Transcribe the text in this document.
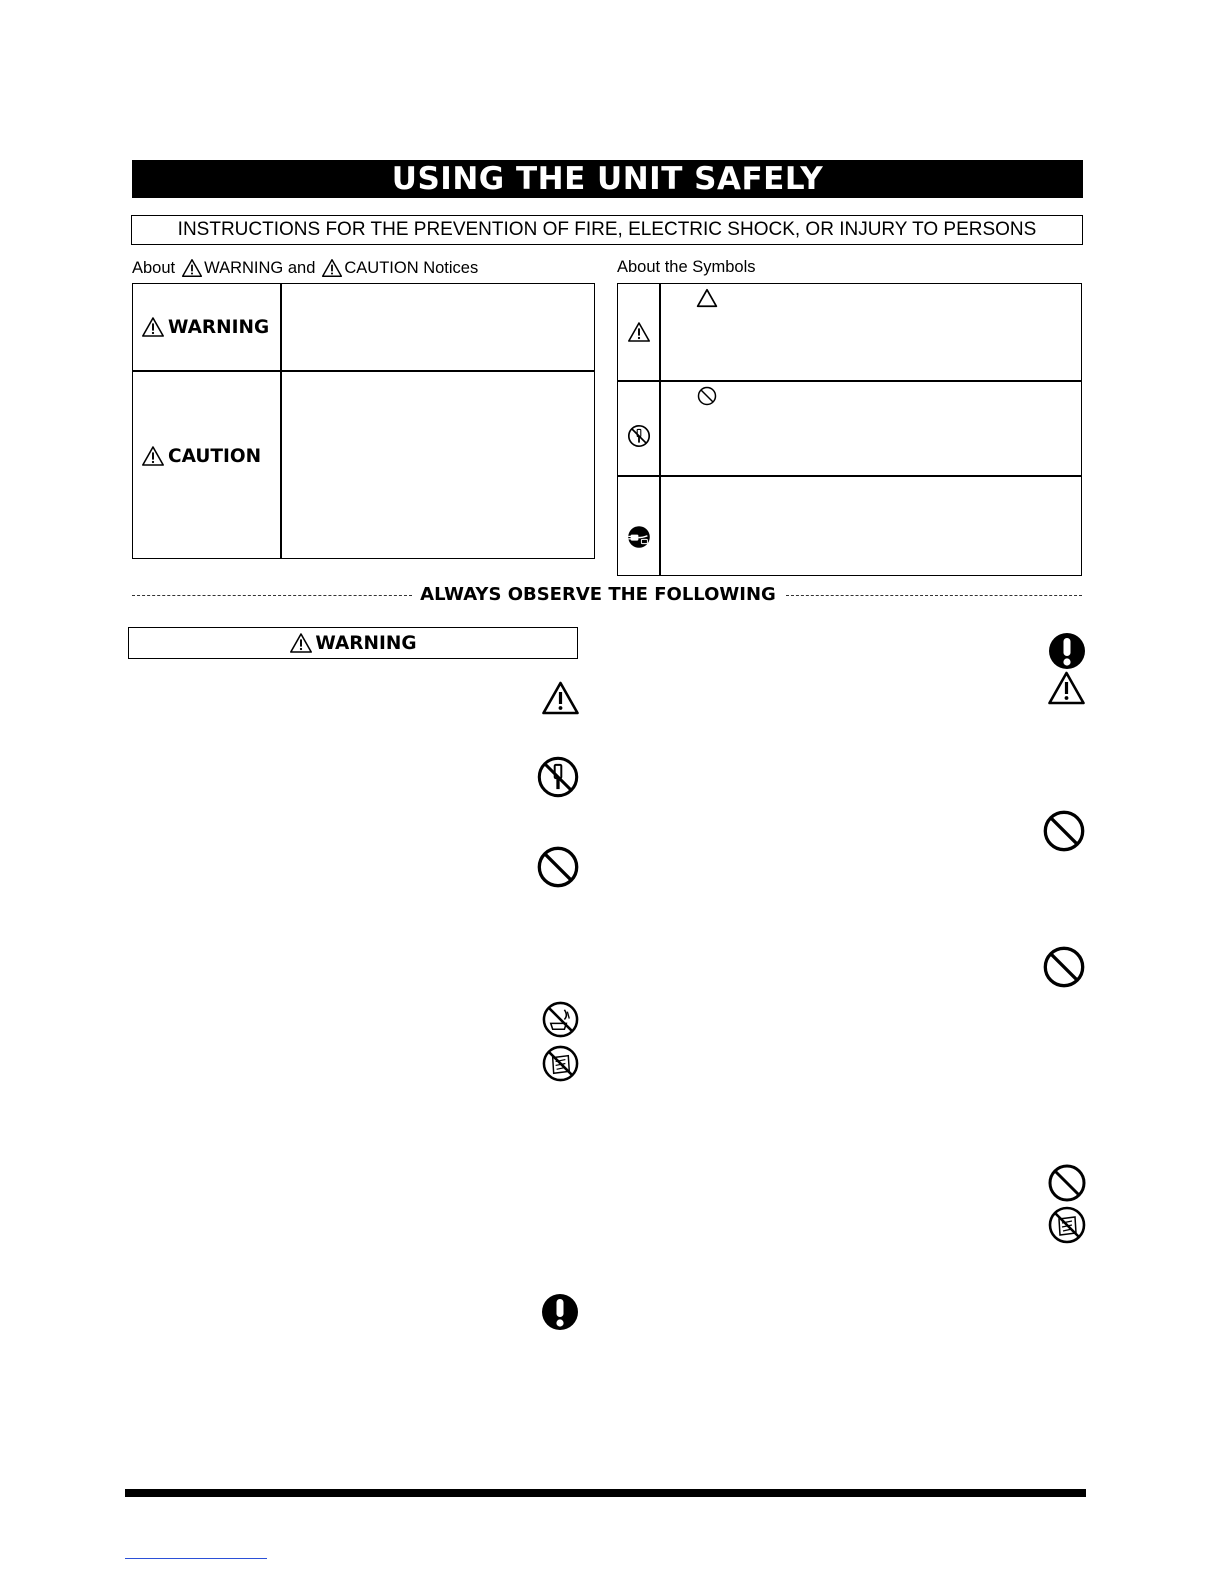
USING THE UNIT SAFELY
INSTRUCTIONS FOR THE PREVENTION OF FIRE, ELECTRIC SHOCK, OR INJURY TO PERSONS
About WARNING and CAUTION Notices	About the Symbols
WARNING
CAUTION
ALWAYS OBSERVE THE FOLLOWING
WARNING
